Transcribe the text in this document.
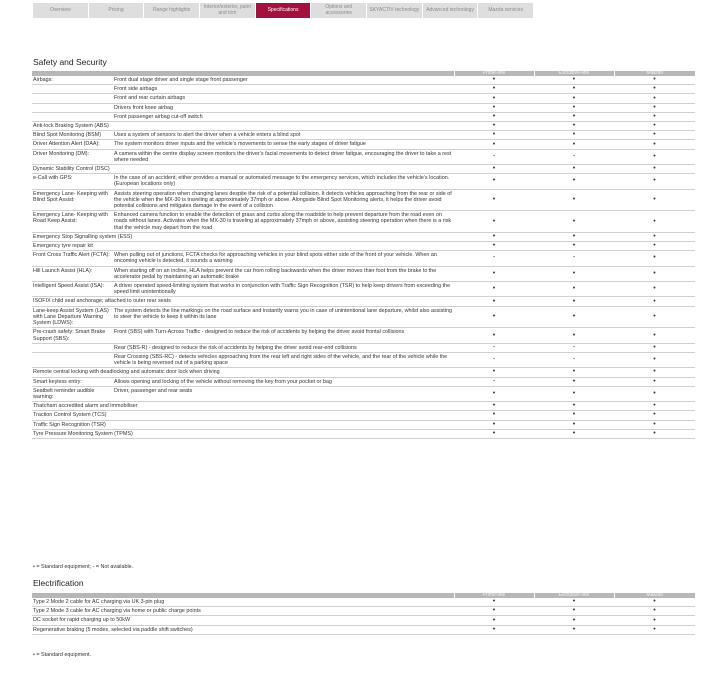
Overview	Pricing	Range highlights	Interior/exterior, paint and trim	Specifications	Options and accessories	SKYACTIV technology	Advanced technology	Mazda services
Safety and Security
		Prime-line	Exclusive-line	Makoto
Airbags:	Front dual stage driver and single stage front passenger	•	•	•
	Front side airbags	•	•	•
	Front and rear curtain airbags	•	•	•
	Drivers front knee airbag	•	•	•
	Front passenger airbag cut-off switch	•	•	•
Anti-lock Braking System (ABS)		•	•	•
Blind Spot Monitoring (BSM)	Uses a system of sensors to alert the driver when a vehicle enters a blind spot	•	•	•
Driver Attention Alert (DAA):	The system monitors driver inputs and the vehicle’s movements to sense the early stages of driver fatigue	•	•	•
Driver Monitoring (DM):	A camera within the centre display screen monitors the driver’s facial movements to detect driver fatigue, encouraging the driver to take a rest where needed	-	-	•
Dynamic Stability Control (DSC)		•	•	•
e-Call with GPS:	In the case of an accident, either provides a manual or automated message to the emergency services, which includes the vehicle’s location. (European locations only)	•	•	•
Emergency Lane- Keeping with Blind Spot Assist:	Assists steering operation when changing lanes despite the risk of a potential collision. It detects vehicles approaching from the rear or side of the vehicle when the MX-30 is traveling at approximately 37mph or above. Alongside Blind Spot Monitoring alerts, it helps the driver avoid potential collisions and mitigates damage in the event of a collision	•	•	•
Emergency Lane- Keeping with Road Keep Assist:	Enhanced camera function to enable the detection of grass and curbs along the roadside to help prevent departure from the road even on roads without lanes. Activates when the MX-30 is traveling at approximately 37mph or above, assisting steering operation when there is a risk that the vehicle may depart from the road	•	•	•
Emergency Stop Signalling system (ESS)		•	•	•
Emergency tyre repair kit		•	•	•
Front Cross Traffic Alert (FCTA):	When pulling out of junctions, FCTA checks for approaching vehicles in your blind spots either side of the front of your vehicle. When an oncoming vehicle is detected, it sounds a warning	-	-	•
Hill Launch Assist (HLA):	When starting off on an incline, HLA helps prevent the car from rolling backwards when the driver moves thier foot from the brake to the accelerator pedal by maintaining an automatic brake	•	•	•
Intelligent Speed Assist (ISA):	A driver operated speed-limiting system that works in conjunction with Traffic Sign Recognition (TSR) to help keep drivers from exceeding the speed limit unintentionally	•	•	•
ISOFIX child seat anchorage; attached to outer rear seats		•	•	•
Lane-keep Assist System (LAS) with Lane Departure Warning System (LDWS):	The system detects the line markings on the road surface and instantly warns you in case of unintentional lane departure, whilst also assisting to steer the vehicle to keep it within its lane	•	•	•
Pre-crash safety: Smart Brake Support (SBS):	Front (SBS) with Turn-Across Traffic - designed to reduce the risk of accidents by helping the driver avoid frontal collisions	•	•	•
	Rear (SBS-R) - designed to reduce the risk of accidents by helping the driver avoid rear-end collisions	-	-	•
	Rear Crossing (SBS-RC) - detects vehicles approaching from the rear left and right sides of the vehicle, and the rear of the vehicle while the vehicle is being reversed out of a parking space	-	-	•
Remote central locking with deadlocking and automatic door lock when driving		•	•	•
Smart keyless entry:	Allows opening and locking of the vehicle without removing the key from your pocket or bag	-	•	•
Seatbelt reminder audible warning:	Driver, passenger and rear seats	•	•	•
Thatcham accredited alarm and immobiliser		•	•	•
Traction Control System (TCS)		•	•	•
Traffic Sign Recognition (TSR)		•	•	•
Tyre Pressure Monitoring System (TPMS)		•	•	•
• = Standard equipment; - = Not available.
Electrification
	Prime-line	Exclusive-line	Makoto
Type 2 Mode 2 cable for AC charging via UK 3-pin plug	•	•	•
Type 2 Mode 3 cable for AC charging via home or public charge points	•	•	•
DC socket for rapid charging up to 50kW	•	•	•
Regenerative braking (5 modes, selected via paddle shift switches)	•	•	•
• = Standard equipment.
